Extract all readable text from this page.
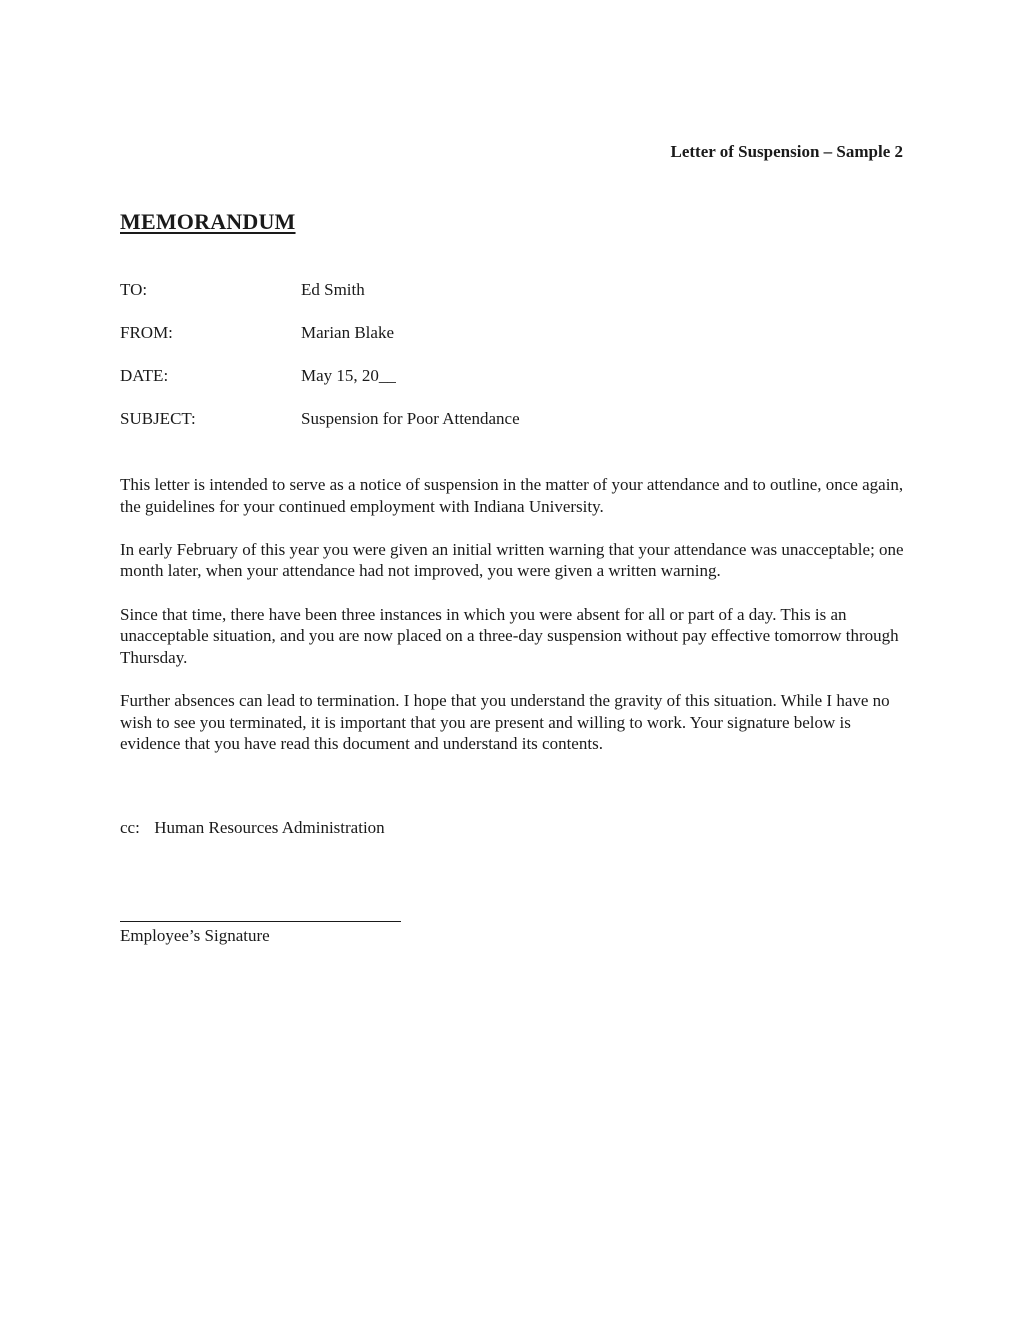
Letter of Suspension – Sample 2
MEMORANDUM
TO:	Ed Smith
FROM:	Marian Blake
DATE:	May 15, 20__
SUBJECT:	Suspension for Poor Attendance

This letter is intended to serve as a notice of suspension in the matter of your attendance and to outline, once again, the guidelines for your continued employment with Indiana University.

In early February of this year you were given an initial written warning that your attendance was unacceptable; one month later, when your attendance had not improved, you were given a written warning.

Since that time, there have been three instances in which you were absent for all or part of a day. This is an unacceptable situation, and you are now placed on a three-day suspension without pay effective tomorrow through Thursday.

Further absences can lead to termination. I hope that you understand the gravity of this situation. While I have no wish to see you terminated, it is important that you are present and willing to work. Your signature below is evidence that you have read this document and understand its contents.

cc: Human Resources Administration
Employee’s Signature
